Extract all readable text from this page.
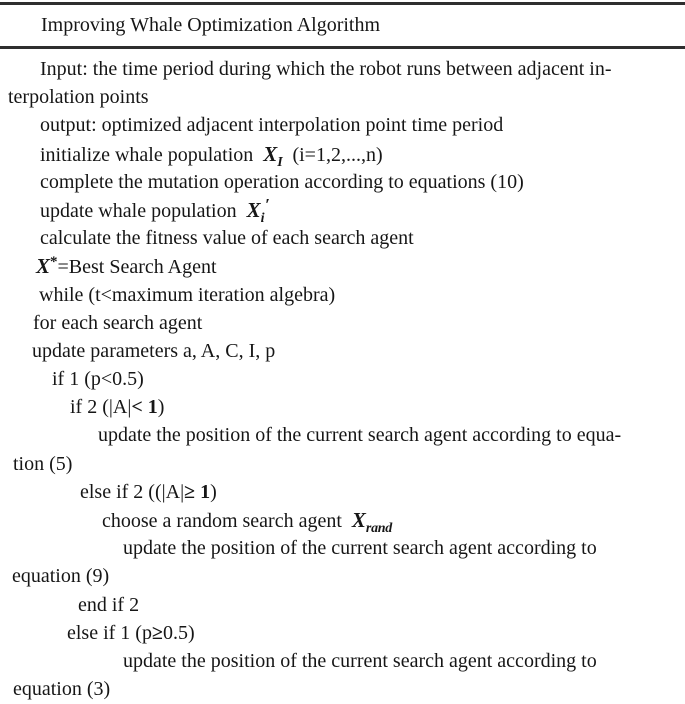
Improving Whale Optimization Algorithm
Input: the time period during which the robot runs between adjacent in-
terpolation points
output: optimized adjacent interpolation point time period
initialize whale population $X_I$ (i=1,2,...,n)
complete the mutation operation according to equations (10)
update whale population $X_i'$
calculate the fitness value of each search agent
X*=Best Search Agent
while (t<maximum iteration algebra)
for each search agent
update parameters a, A, C, I, p
if 1 (p<0.5)
if 2 (|A|< 1)
update the position of the current search agent according to equa-
tion (5)
else if 2 ((|A|≥ 1)
choose a random search agent $X_{rand}$
update the position of the current search agent according to
equation (9)
end if 2
else if 1 (p≥0.5)
update the position of the current search agent according to
equation (3)
